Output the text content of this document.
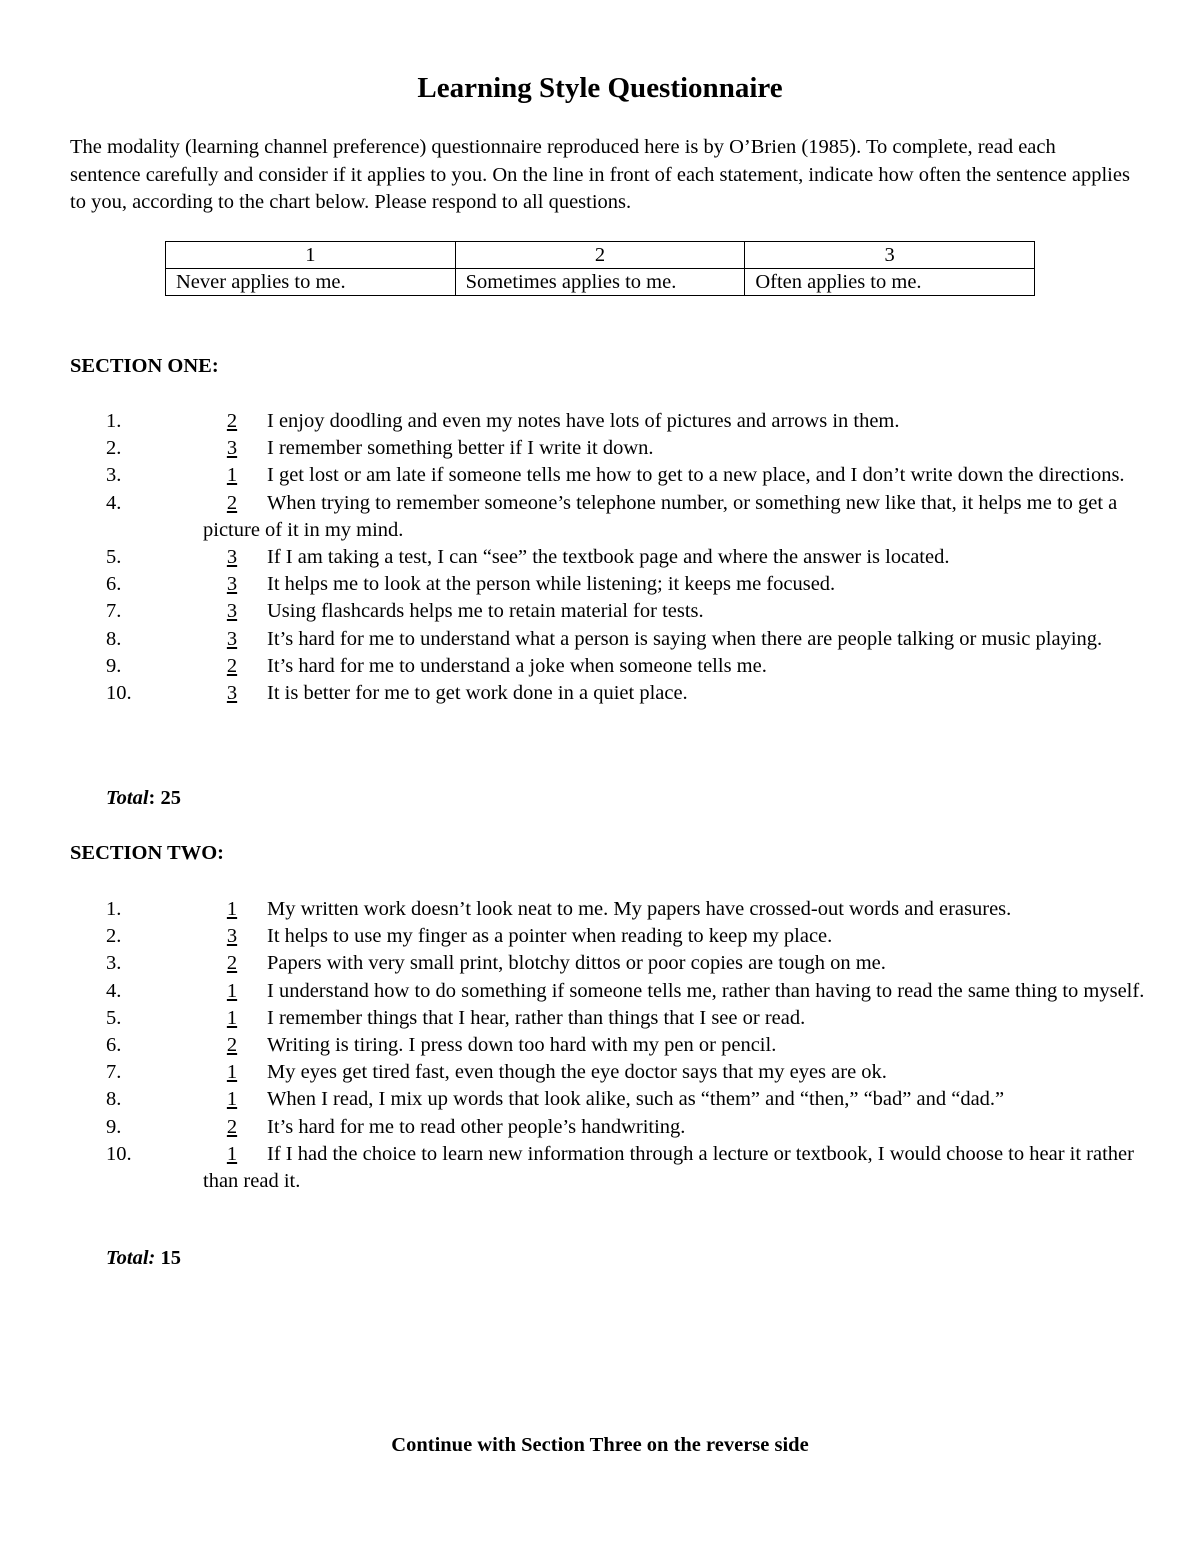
Learning Style Questionnaire
The modality (learning channel preference) questionnaire reproduced here is by O’Brien (1985). To complete, read each sentence carefully and consider if it applies to you. On the line in front of each statement, indicate how often the sentence applies to you, according to the chart below. Please respond to all questions.
1	2	3
Never applies to me.	Sometimes applies to me.	Often applies to me.
SECTION ONE:
1.	2 I enjoy doodling and even my notes have lots of pictures and arrows in them.
2.	3 I remember something better if I write it down.
3.	1 I get lost or am late if someone tells me how to get to a new place, and I don’t write down the directions.
4.	2 When trying to remember someone’s telephone number, or something new like that, it helps me to get a picture of it in my mind.
5.	3 If I am taking a test, I can “see” the textbook page and where the answer is located.
6.	3 It helps me to look at the person while listening; it keeps me focused.
7.	3 Using flashcards helps me to retain material for tests.
8.	3 It’s hard for me to understand what a person is saying when there are people talking or music playing.
9.	2 It’s hard for me to understand a joke when someone tells me.
10.	3 It is better for me to get work done in a quiet place.
Total: 25
SECTION TWO:
1.	1 My written work doesn’t look neat to me. My papers have crossed-out words and erasures.
2.	3 It helps to use my finger as a pointer when reading to keep my place.
3.	2 Papers with very small print, blotchy dittos or poor copies are tough on me.
4.	1 I understand how to do something if someone tells me, rather than having to read the same thing to myself.
5.	1 I remember things that I hear, rather than things that I see or read.
6.	2 Writing is tiring. I press down too hard with my pen or pencil.
7.	1 My eyes get tired fast, even though the eye doctor says that my eyes are ok.
8.	1 When I read, I mix up words that look alike, such as “them” and “then,” “bad” and “dad.”
9.	2 It’s hard for me to read other people’s handwriting.
10.	1 If I had the choice to learn new information through a lecture or textbook, I would choose to hear it rather than read it.
Total: 15
Continue with Section Three on the reverse side
